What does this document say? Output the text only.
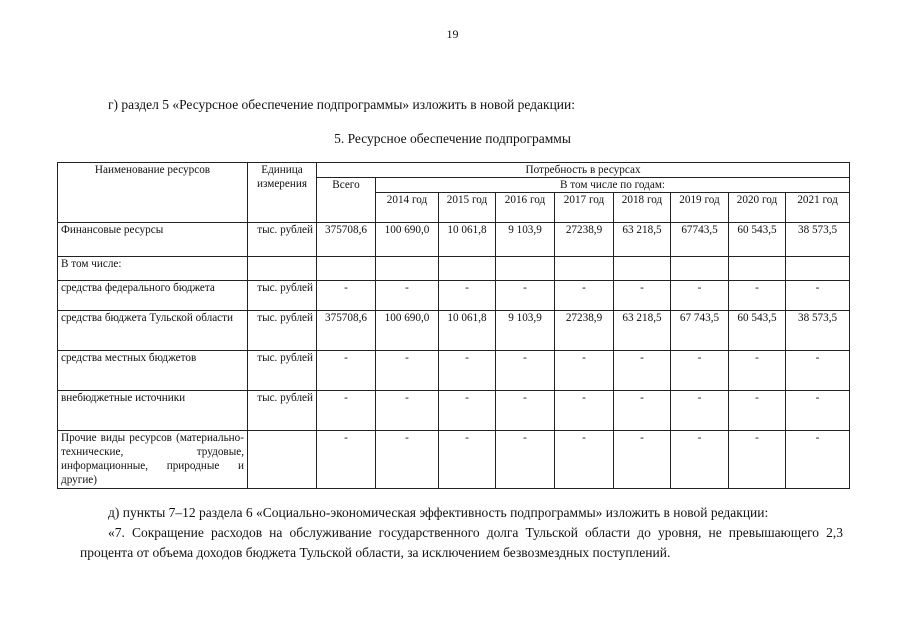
19
г) раздел 5 «Ресурсное обеспечение подпрограммы» изложить в новой редакции:
5. Ресурсное обеспечение подпрограммы
Наименование ресурсов	Единица измерения	Потребность в ресурсах								
		Всего	В том числе по годам:							
			2014 год	2015 год	2016 год	2017 год	2018 год	2019 год	2020 год	2021 год
Финансовые ресурсы	тыс. рублей	375708,6	100 690,0	10 061,8	9 103,9	27238,9	63 218,5	67743,5	60 543,5	38 573,5
В том числе:										
средства федерального бюджета	тыс. рублей	-	-	-	-	-	-	-	-	-
средства бюджета Тульской области	тыс. рублей	375708,6	100 690,0	10 061,8	9 103,9	27238,9	63 218,5	67 743,5	60 543,5	38 573,5
средства местных бюджетов	тыс. рублей	-	-	-	-	-	-	-	-	-
внебюджетные источники	тыс. рублей	-	-	-	-	-	-	-	-	-
Прочие виды ресурсов (материально-технические, трудовые, информационные, природные и другие)		-	-	-	-	-	-	-	-	-
д) пункты 7–12 раздела 6 «Социально-экономическая эффективность подпрограммы» изложить в новой редакции:
«7. Сокращение расходов на обслуживание государственного долга Тульской области до уровня, не превышающего 2,3 процента от объема доходов бюджета Тульской области, за исключением безвозмездных поступлений.
